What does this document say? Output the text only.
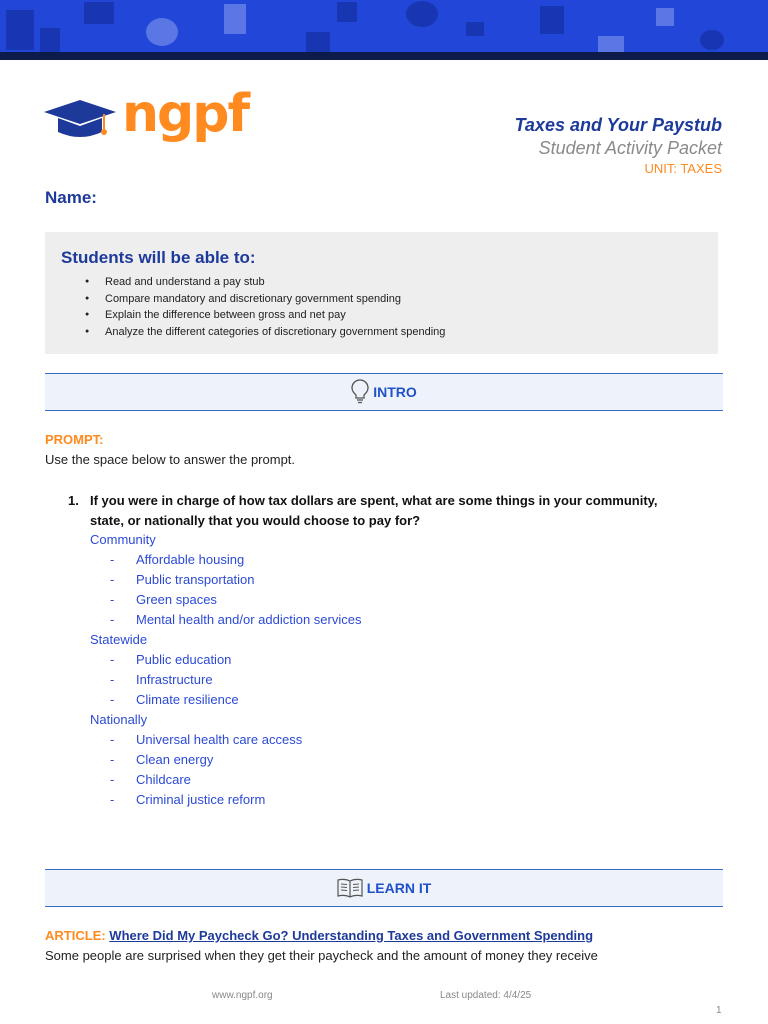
ngpf	Taxes and Your Paystub
Student Activity Packet
UNIT: TAXES
Name:
Students will be able to:
● Read and understand a pay stub
● Compare mandatory and discretionary government spending
● Explain the difference between gross and net pay
● Analyze the different categories of discretionary government spending
INTRO
PROMPT:
Use the space below to answer the prompt.
1. If you were in charge of how tax dollars are spent, what are some things in your community, state, or nationally that you would choose to pay for?
Community
- Affordable housing
- Public transportation
- Green spaces
- Mental health and/or addiction services
Statewide
- Public education
- Infrastructure
- Climate resilience
Nationally
- Universal health care access
- Clean energy
- Childcare
- Criminal justice reform
LEARN IT
ARTICLE: Where Did My Paycheck Go? Understanding Taxes and Government Spending
Some people are surprised when they get their paycheck and the amount of money they receive
www.ngpf.org	Last updated: 4/4/25
1
